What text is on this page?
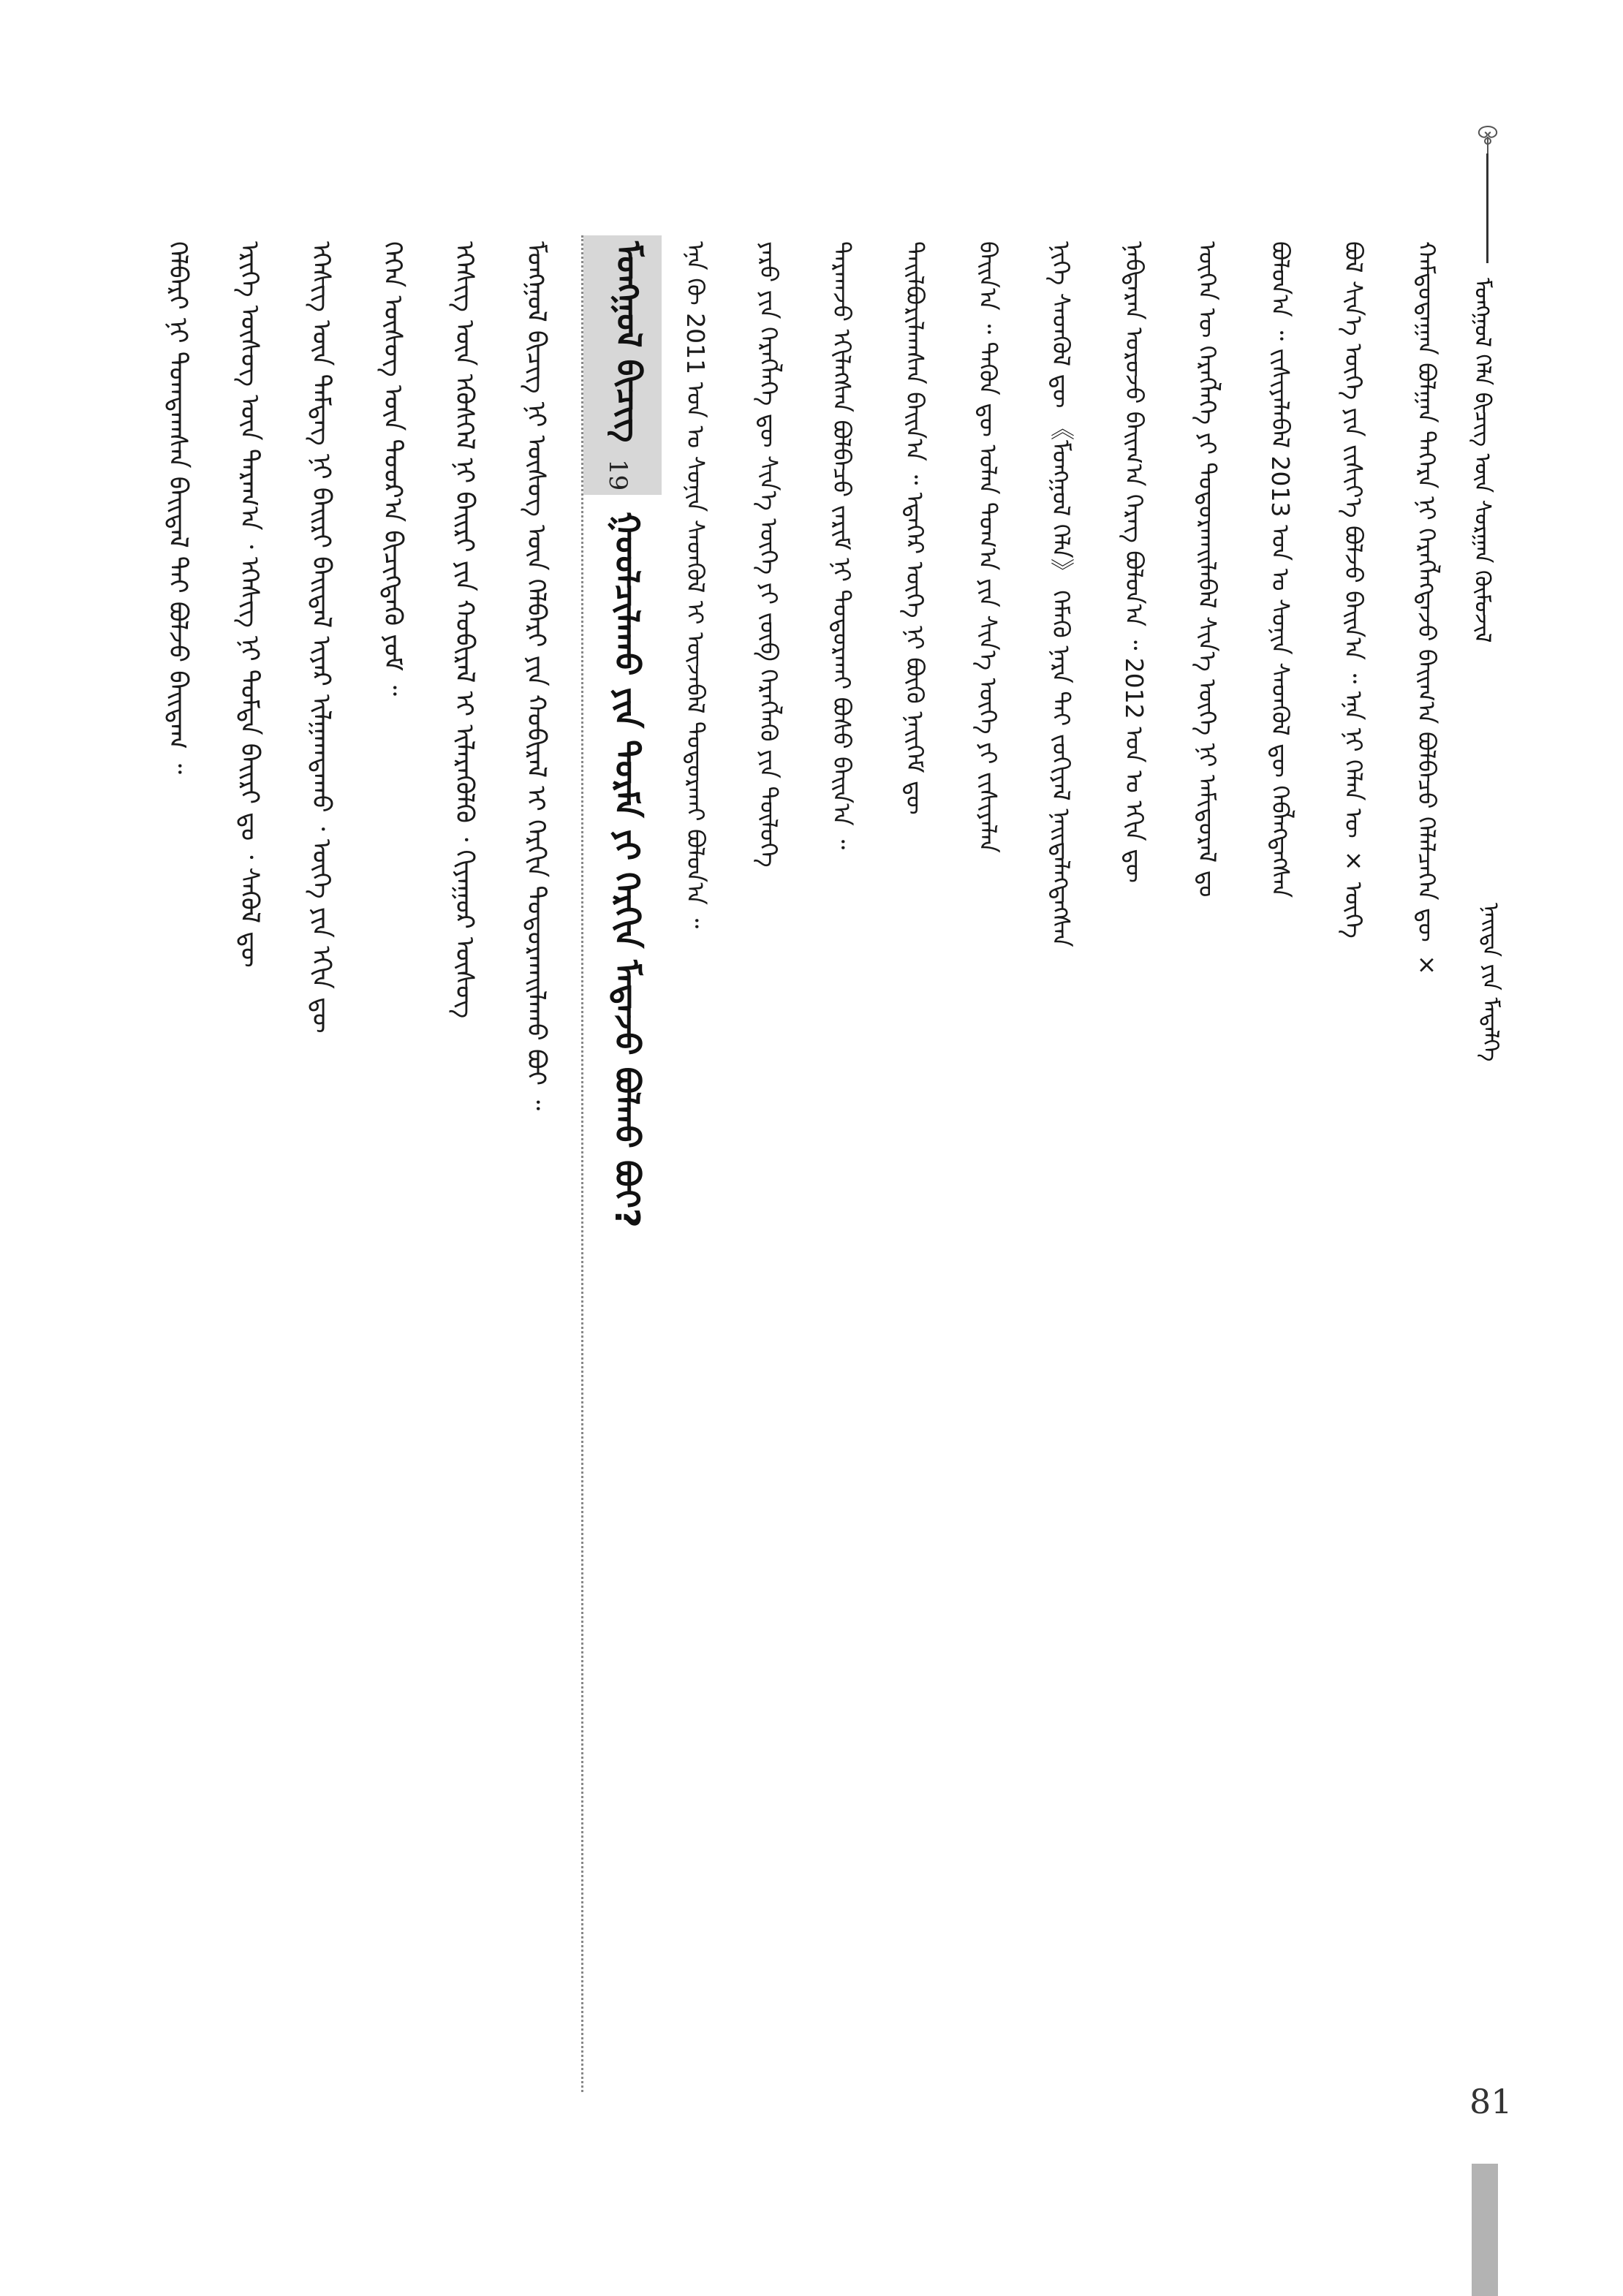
ᠮᠣᠩᠭᠣᠯ ᠬᠡᠯᠡ ᠪᠢᠴᠢᠭ ᠦᠨ ᠰᠤᠷᠭᠠᠨ ᠬᠦᠮᠦᠵᠢᠯ
ᠨᠡᠢᠲᠡ ᠶᠢᠨ ᠮᠡᠳᠡᠯᠭᠡ
ᠬᠠᠮᠲᠤᠳᠠᠭᠠᠨ ᠪᠣᠯᠭᠠᠨ ᠳᠡᠭᠡᠷᠡ ᠨᠢ ᠬᠡᠷᠡᠭᠯᠡᠭᠳᠡᠵᠦ ᠪᠠᠢᠭ᠎ᠠ ᠪᠣᠯᠪᠠᠴᠤ ᠬᠡᠯᠡᠯᠴᠡᠭᠡᠨ ᠳᠦ ×
ᠪᠣᠯ ᠰᠢᠨ᠎ᠡ ᠦᠭᠡ ᠶᠢᠨ ᠵᠢᠱᠢᠶ᠎ᠡ ᠪᠣᠯᠵᠤ ᠪᠠᠢᠨ᠎ᠠ ᠃ ᠡᠨᠡ ᠨᠢ ᠬᠡᠯᠡᠨ ᠦ × ᠦᠭᠡ
ᠪᠣᠯᠤᠨ᠎ᠠ ᠃ ᠵᠢᠱᠢᠶᠡᠯᠡᠪᠡᠯ 2013 ᠣᠨ ᠤ ᠰᠣᠨᠢᠨ ᠰᠡᠳᠬᠦᠯ ᠳᠦ ᠬᠡᠪᠯᠡᠭᠳᠡᠭᠰᠡᠨ
ᠦᠭᠡᠨ ᠦ ᠬᠡᠷᠡᠭᠯᠡᠭᠡ ᠶᠢ ᠲᠣᠳᠤᠷᠬᠠᠢᠯᠠᠪᠠᠯ ᠰᠢᠨ᠎ᠡ ᠦᠭᠡ ᠨᠢ ᠠᠮᠢᠳᠤᠷᠠᠯ ᠳᠤ
ᠨᠡᠪᠲᠡᠷᠡᠨ ᠣᠷᠣᠵᠤ ᠪᠠᠢᠭ᠎ᠠ ᠬᠡᠷᠡᠭ ᠪᠣᠯᠤᠨ᠎ᠠ ᠃ 2012 ᠣᠨ ᠤ ᠡᠬᠢᠨ ᠳᠦ
ᠨᠢᠭᠡ ᠰᠡᠳᠬᠦᠯ ᠳᠦ 《ᠮᠣᠩᠭᠣᠯ ᠬᠡᠯᠡ》 ᠬᠡᠮᠡᠬᠦ ᠨᠡᠷᠡ ᠲᠠᠢ ᠵᠣᠬᠢᠶᠠᠯ ᠨᠡᠢᠲᠡᠯᠡᠭᠳᠡᠭᠰᠡᠨ
ᠪᠠᠢᠨ᠎ᠠ ᠃ ᠲᠡᠭᠦᠨ ᠳᠦ ᠣᠯᠠᠨ ᠲᠣᠭ᠎ᠠ ᠶᠢᠨ ᠰᠢᠨ᠎ᠡ ᠦᠭᠡ ᠶᠢ ᠵᠢᠱᠢᠶᠡᠯᠡᠨ
ᠲᠠᠢᠯᠪᠤᠷᠢᠯᠠᠭᠰᠠᠨ ᠪᠠᠢᠨ᠎ᠠ ᠃ ᠡᠳᠡᠭᠡᠷ ᠦᠭᠡ ᠨᠢ ᠪᠦᠬᠦ ᠨᠡᠢᠭᠡᠮ ᠳᠦ
ᠲᠠᠷᠬᠠᠵᠤ ᠡᠬᠢᠯᠡᠭᠰᠡᠨ ᠪᠣᠯᠪᠠᠴᠤ ᠵᠠᠷᠢᠮ ᠨᠢ ᠲᠣᠳᠤᠷᠬᠠᠢ ᠪᠤᠰᠤ ᠪᠠᠢᠨ᠎ᠠ ᠃
ᠶᠡᠷᠦ ᠶᠢᠨ ᠬᠡᠷᠡᠭᠯᠡᠭᠡ ᠳᠦ ᠰᠢᠨ᠎ᠡ ᠦᠭᠡ ᠶᠢ ᠵᠥᠪ ᠬᠡᠷᠡᠭᠯᠡᠬᠦ ᠶᠢᠨ ᠲᠥᠯᠦᠭᠡ
ᠡᠨᠡ ᠬᠦ 2011 ᠣᠨ ᠤ ᠰᠣᠨᠢᠨ ᠰᠡᠳᠬᠦᠯ ᠢ ᠦᠵᠡᠪᠡᠯ ᠲᠣᠳᠤᠷᠬᠠᠢ ᠪᠣᠯᠤᠨ᠎ᠠ ᠃
ᠮᠣᠩᠭᠣᠯ ᠪᠢᠴᠢᠭ
19
ᠭᠣᠣᠯᠴᠢᠯᠠᠬᠤ ᠶᠢᠨ ᠳᠤᠷᠮᠠ ᠶᠢ ᠬᠡᠷᠬᠢᠨ ᠮᠡᠳᠡᠵᠦ ᠪᠣᠯᠬᠤ ᠪᠣᠢ?
ᠮᠣᠩᠭᠣᠯ ᠪᠢᠴᠢᠭ ᠨᠢ ᠦᠰᠦᠭ ᠦᠨ ᠬᠡᠯᠪᠡᠷᠢ ᠶᠢᠨ ᠬᠤᠪᠢᠷᠠᠯ ᠢ ᠬᠡᠷᠬᠢᠨ ᠲᠣᠳᠤᠷᠬᠠᠢᠯᠠᠬᠤ ᠪᠣᠢ ᠃
ᠡᠭᠡᠰᠢᠭ ᠦᠨ ᠡᠭᠦᠰᠬᠡᠯ ᠨᠢ ᠪᠠᠢᠷᠢ ᠶᠢᠨ ᠬᠤᠪᠢᠷᠠᠯ ᠢ ᠢᠯᠡᠷᠡᠭᠦᠯᠬᠦ ᠂ ᠭᠢᠶᠠᠭᠤᠷ ᠦᠰᠦᠭ
ᠭᠡᠭᠡᠨ ᠦᠰᠦᠭ ᠦᠨ ᠳᠣᠣᠷ᠎ᠠ ᠪᠢᠴᠢᠭᠳᠡᠬᠦ ᠶᠤᠮ ᠃
ᠡᠭᠡᠰᠢᠭ ᠦᠨ ᠲᠡᠮᠳᠡᠭ ᠨᠢ ᠪᠠᠢᠷᠢ ᠪᠠᠢᠳᠠᠯ ᠢᠶᠠᠷ ᠢᠯᠭᠠᠭᠳᠠᠬᠤ ᠂ ᠦᠭᠡ ᠶᠢᠨ ᠡᠬᠢᠨ ᠳᠦ
ᠡᠷᠢᠬᠡ ᠦᠰᠦᠭ ᠦᠨ ᠳᠠᠷᠠᠭ᠎ᠠ ᠂ ᠡᠭᠡᠰᠢᠭ ᠨᠢ ᠳᠤᠮᠳᠠ ᠪᠠᠢᠷᠢ ᠳᠤ ᠂ ᠰᠡᠭᠦᠯ ᠳᠦ
ᠬᠡᠯᠪᠡᠷᠢ ᠨᠢ ᠲᠣᠭᠲᠠᠭᠰᠠᠨ ᠪᠠᠢᠳᠠᠯ ᠲᠠᠢ ᠪᠣᠯᠵᠤ ᠪᠠᠢᠳᠠᠭ ᠃
81
